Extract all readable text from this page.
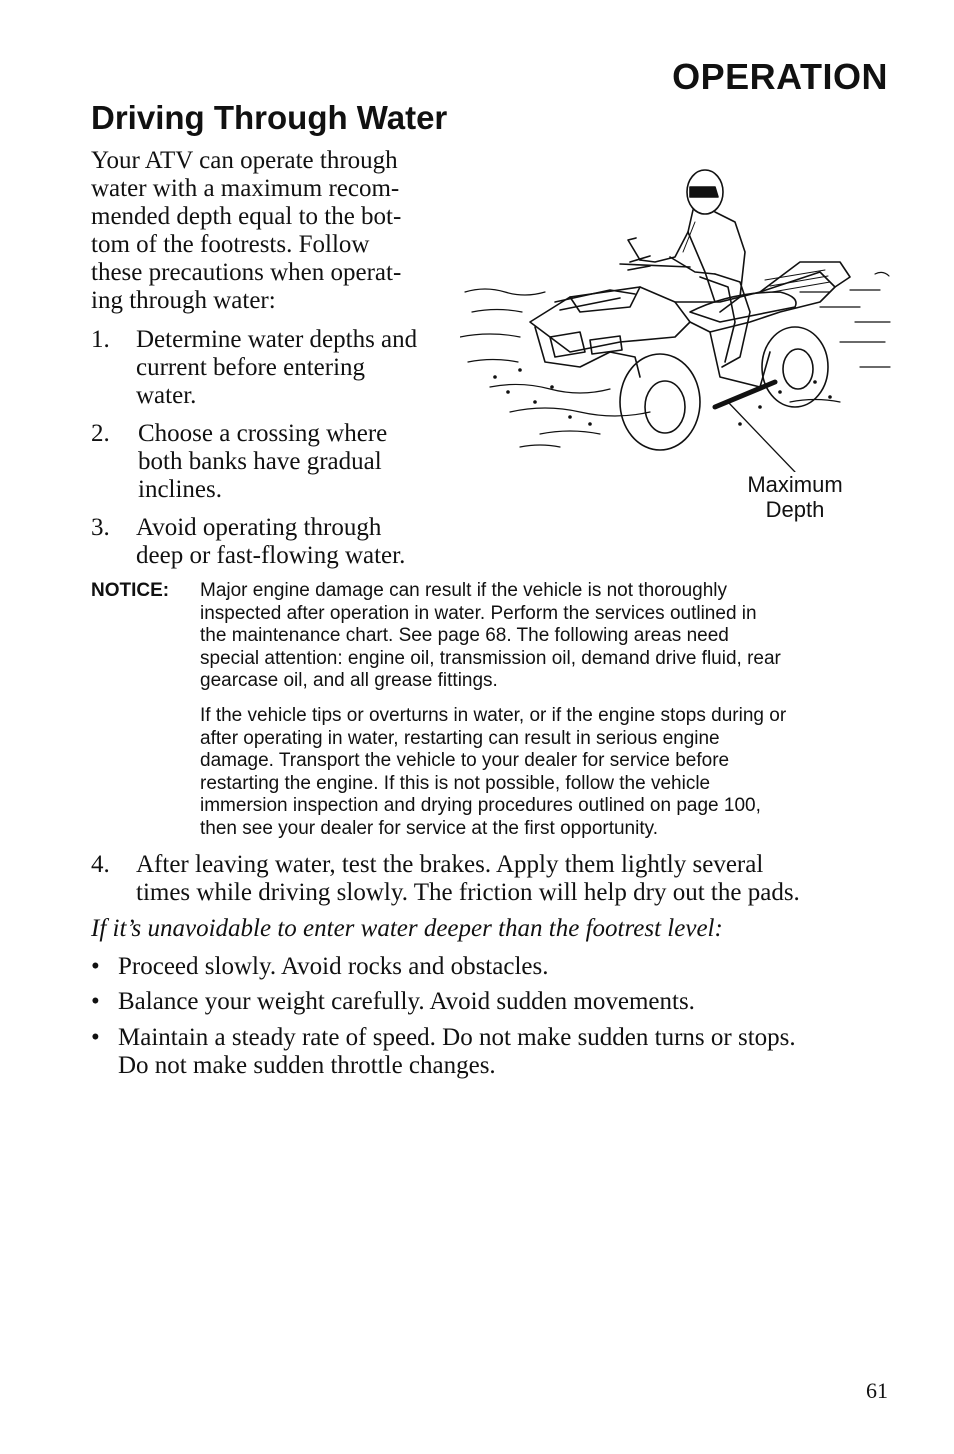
OPERATION
Driving Through Water

Your ATV can operate through
water with a maximum recom-
mended depth equal to the bot-
tom of the footrests. Follow
these precautions when operat-
ing through water:

1. Determine water depths and
current before entering
water.
2. Choose a crossing where
both banks have gradual
inclines.
3. Avoid operating through
deep or fast-flowing water.
Maximum
Depth
NOTICE: Major engine damage can result if the vehicle is not thoroughly
inspected after operation in water. Perform the services outlined in
the maintenance chart. See page 68. The following areas need
special attention: engine oil, transmission oil, demand drive fluid, rear
gearcase oil, and all grease fittings.

If the vehicle tips or overturns in water, or if the engine stops during or
after operating in water, restarting can result in serious engine
damage. Transport the vehicle to your dealer for service before
restarting the engine. If this is not possible, follow the vehicle
immersion inspection and drying procedures outlined on page 100,
then see your dealer for service at the first opportunity.

4. After leaving water, test the brakes. Apply them lightly several
times while driving slowly. The friction will help dry out the pads.
If it’s unavoidable to enter water deeper than the footrest level:
• Proceed slowly. Avoid rocks and obstacles.
• Balance your weight carefully. Avoid sudden movements.
• Maintain a steady rate of speed. Do not make sudden turns or stops.
Do not make sudden throttle changes.
61
